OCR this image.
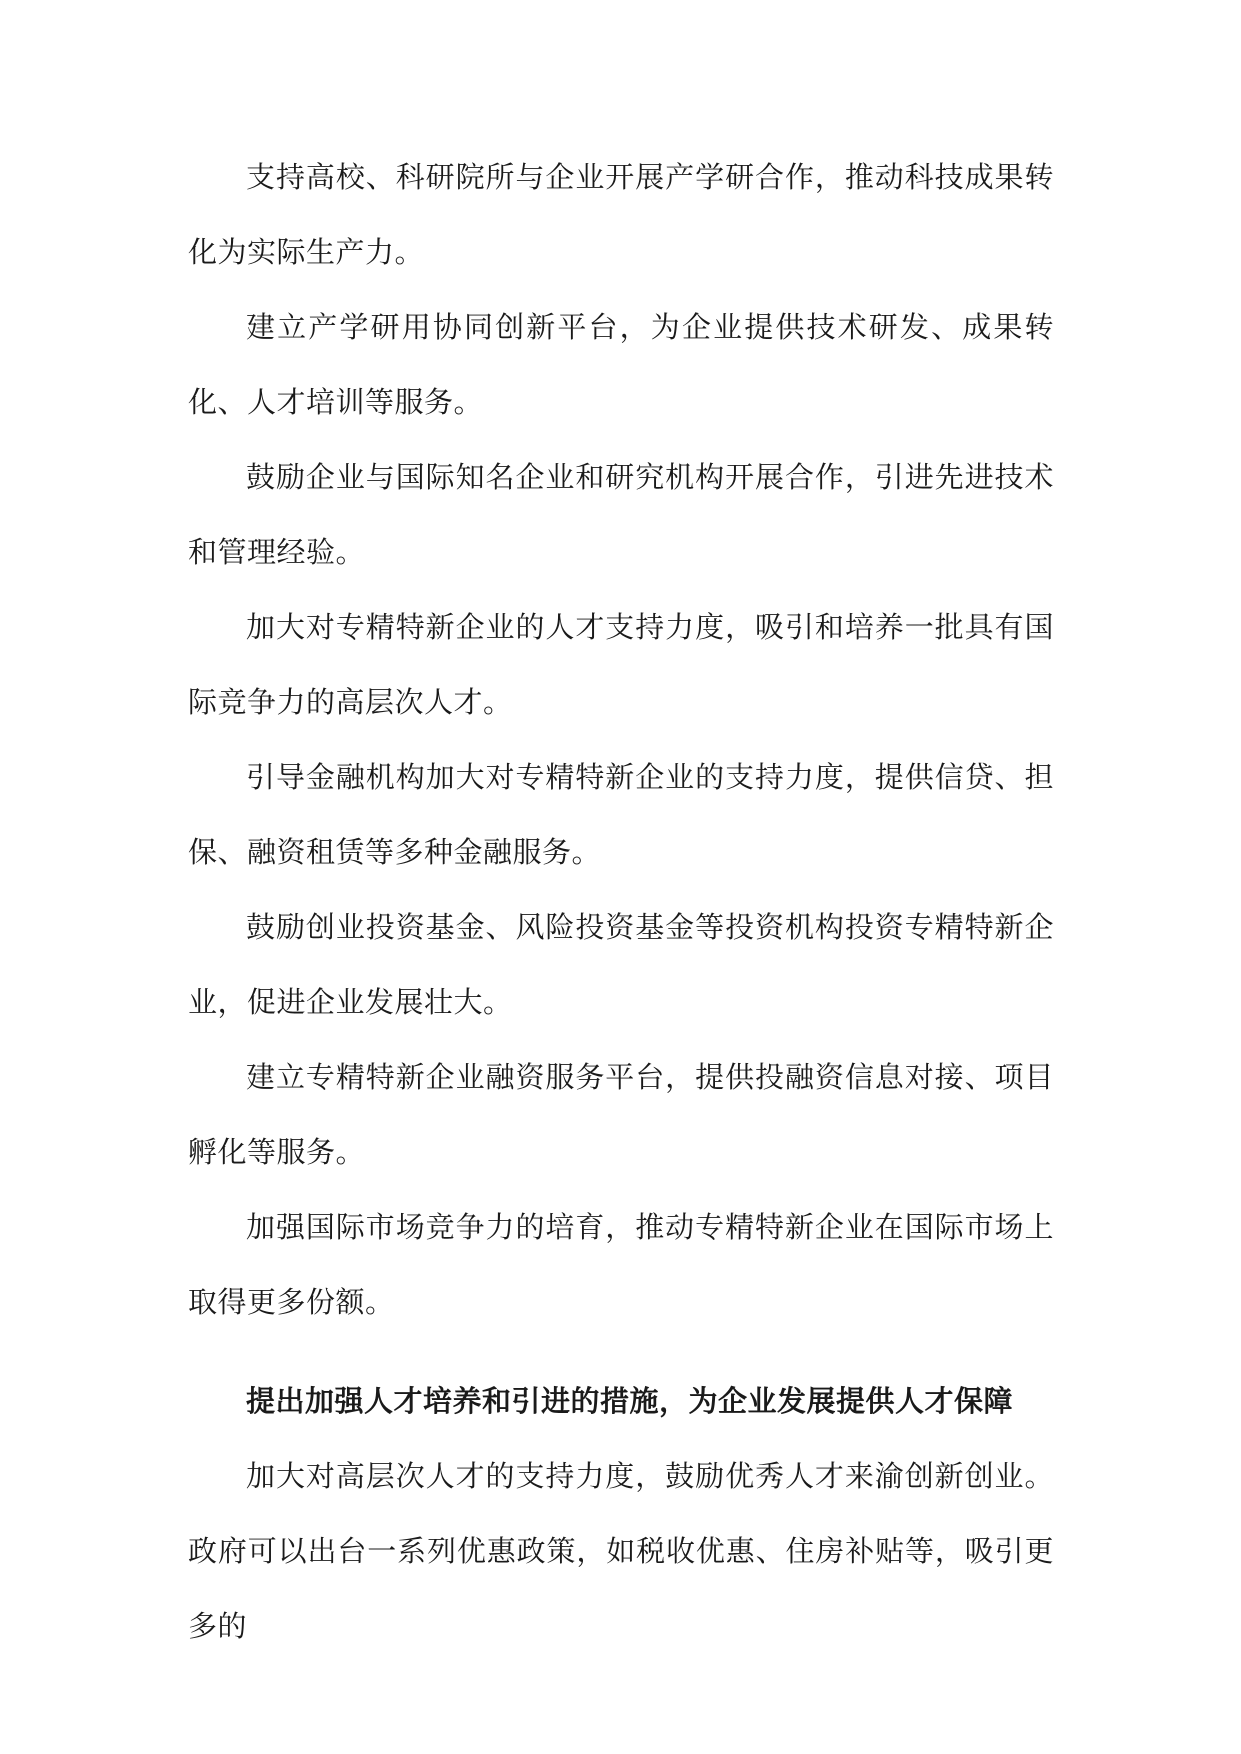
支持高校、科研院所与企业开展产学研合作，推动科技成果转化为实际生产力。

建立产学研用协同创新平台，为企业提供技术研发、成果转化、人才培训等服务。

鼓励企业与国际知名企业和研究机构开展合作，引进先进技术和管理经验。

加大对专精特新企业的人才支持力度，吸引和培养一批具有国际竞争力的高层次人才。

引导金融机构加大对专精特新企业的支持力度，提供信贷、担保、融资租赁等多种金融服务。

鼓励创业投资基金、风险投资基金等投资机构投资专精特新企业，促进企业发展壮大。

建立专精特新企业融资服务平台，提供投融资信息对接、项目孵化等服务。

加强国际市场竞争力的培育，推动专精特新企业在国际市场上取得更多份额。

提出加强人才培养和引进的措施，为企业发展提供人才保障

加大对高层次人才的支持力度，鼓励优秀人才来渝创新创业。政府可以出台一系列优惠政策，如税收优惠、住房补贴等，吸引更多的
